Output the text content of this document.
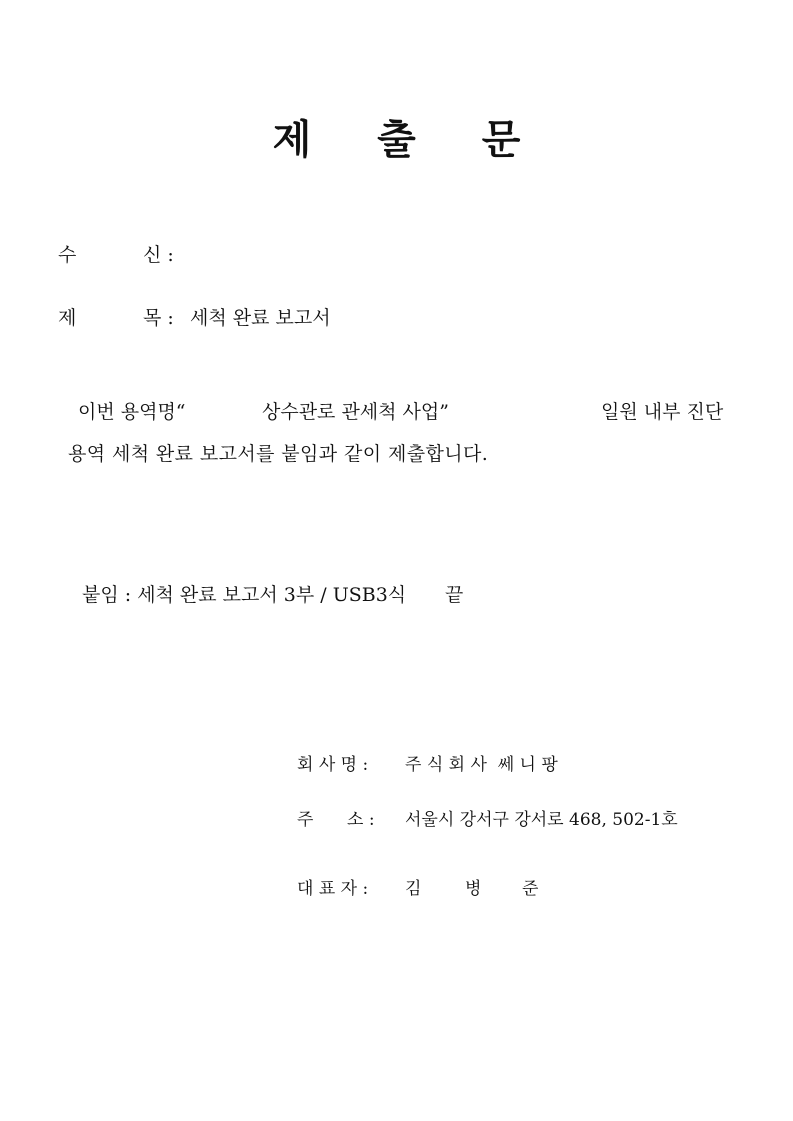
제 출 문
수	신 :
제	목 : 세척 완료 보고서
이번 용역명“	상수관로 관세척 사업”	일원 내부 진단
용역 세척 완료 보고서를 붙임과 같이 제출합니다.
붙임 : 세척 완료 보고서 3부 / USB3식 끝
회 사 명 : 주 식 회 사  쎄 니 팡
주 소 : 서울시 강서구 강서로 468, 502-1호
대 표 자 : 김	병 준
